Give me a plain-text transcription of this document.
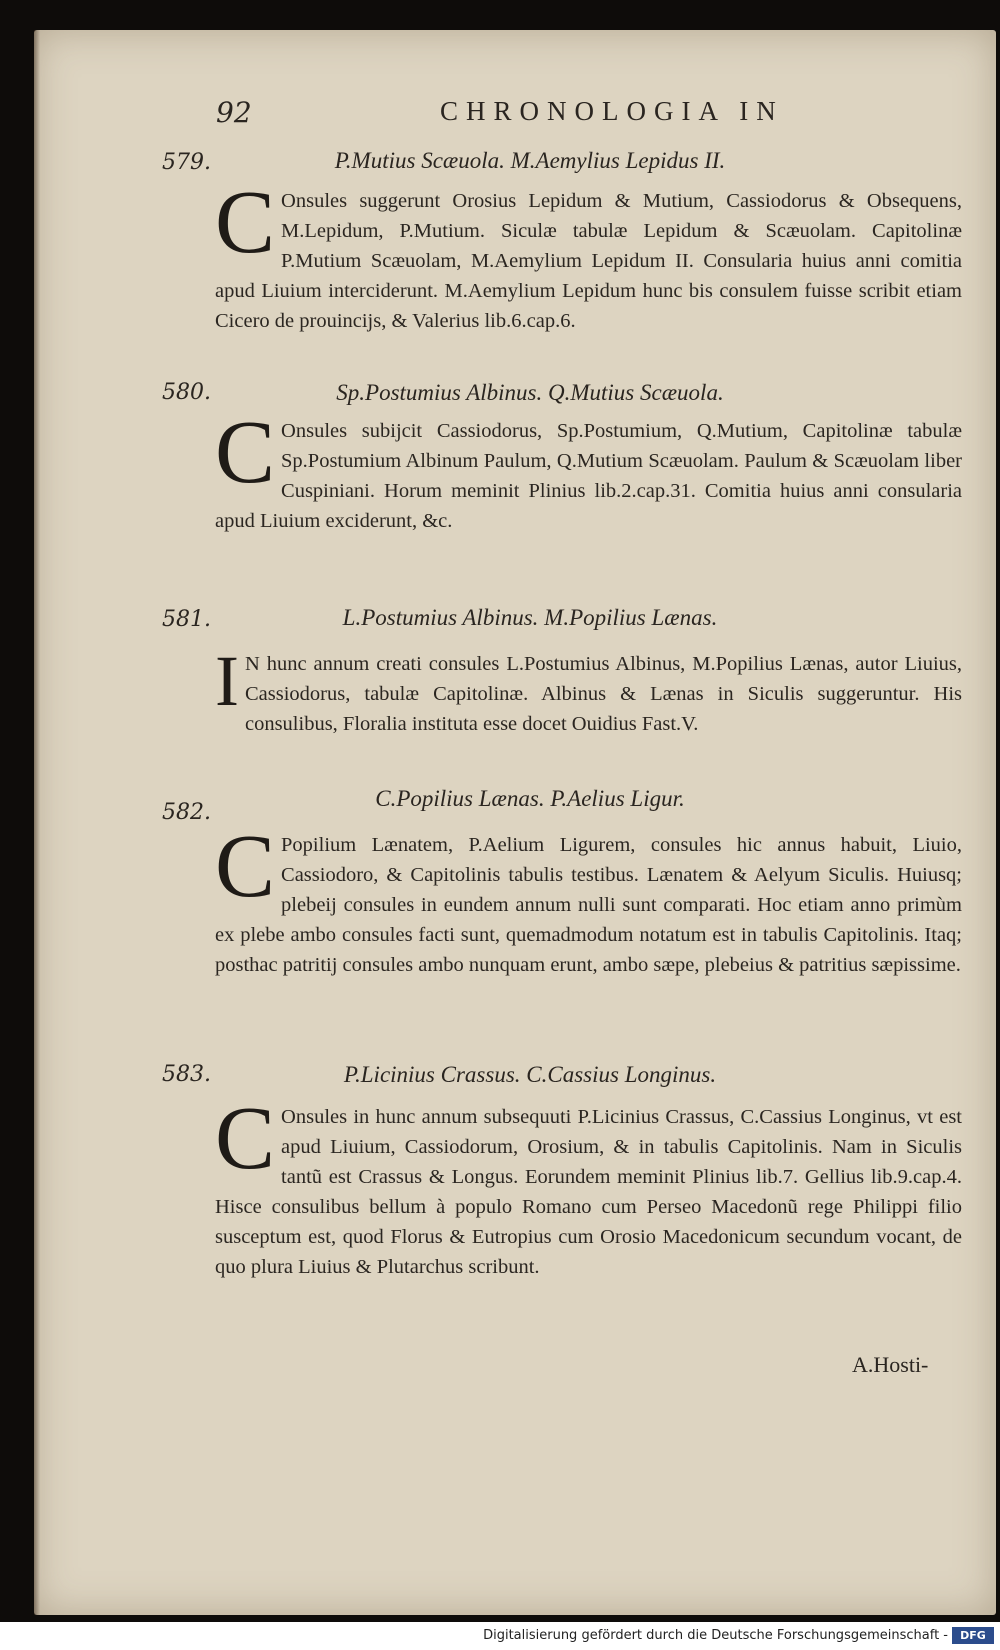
92	CHRONOLOGIA IN
579.	P.Mutius Scæuola. M.Aemylius Lepidus II.
C Onsules suggerunt Orosius Lepidum & Mutium, Cassiodorus & Obsequens, M.Lepidum, P.Mutium. Siculæ tabulæ Lepidum & Scæuolam. Capitolinæ P.Mutium Scæuolam, M.Aemylium Lepidum II. Consularia huius anni comitia apud Liuium interciderunt. M.Aemylium Lepidum hunc bis consulem fuisse scribit etiam Cicero de prouincijs, & Valerius lib.6.cap.6.
580.	Sp.Postumius Albinus. Q.Mutius Scæuola.
C Onsules subijcit Cassiodorus, Sp.Postumium, Q.Mutium, Capitolinæ tabulæ Sp.Postumium Albinum Paulum, Q.Mutium Scæuolam. Paulum & Scæuolam liber Cuspiniani. Horum meminit Plinius lib.2.cap.31. Comitia huius anni consularia apud Liuium exciderunt, &c.
581.	L.Postumius Albinus. M.Popilius Lænas.
I N hunc annum creati consules L.Postumius Albinus, M.Popilius Lænas, autor Liuius, Cassiodorus, tabulæ Capitolinæ. Albinus & Lænas in Siculis suggeruntur. His consulibus, Floralia instituta esse docet Ouidius Fast.V.
582.
C.Popilius Lænas. P.Aelius Ligur.
C Popilium Lænatem, P.Aelium Ligurem, consules hic annus habuit, Liuio, Cassiodoro, & Capitolinis tabulis testibus. Lænatem & Aelyum Siculis. Huiusq; plebeij consules in eundem annum nulli sunt comparati. Hoc etiam anno primùm ex plebe ambo consules facti sunt, quemadmodum notatum est in tabulis Capitolinis. Itaq; posthac patritij consules ambo nunquam erunt, ambo sæpe, plebeius & patritius sæpissime.
583.	P.Licinius Crassus. C.Cassius Longinus.
C Onsules in hunc annum subsequuti P.Licinius Crassus, C.Cassius Longinus, vt est apud Liuium, Cassiodorum, Orosium, & in tabulis Capitolinis. Nam in Siculis tantũ est Crassus & Longus. Eorundem meminit Plinius lib.7. Gellius lib.9.cap.4. Hisce consulibus bellum à populo Romano cum Perseo Macedonũ rege Philippi filio susceptum est, quod Florus & Eutropius cum Orosio Macedonicum secundum vocant, de quo plura Liuius & Plutarchus scribunt.
A.Hosti-
Digitalisierung gefördert durch die Deutsche Forschungsgemeinschaft -	DFG
